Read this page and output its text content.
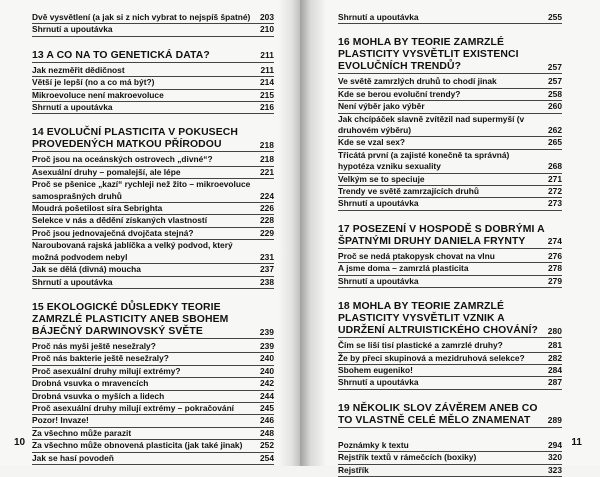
Dvě vysvětlení (a jak si z nich vybrat to nejspíš špatné)	203
Shrnutí a upoutávka	210
13 A CO NA TO GENETICKÁ DATA?	211
Jak nezměřit dědičnost	211
Větší je lepší (no a co má být?)	214
Mikroevoluce není makroevoluce	215
Shrnutí a upoutávka	216
14 EVOLUČNÍ PLASTICITA V POKUSECH PROVEDENÝCH MATKOU PŘÍRODOU	218
Proč jsou na oceánských ostrovech „divné“?	218
Asexuální druhy – pomalejší, ale lépe	221
Proč se pšenice „kazí“ rychleji než žito – mikroevoluce samosprašných druhů	224
Moudrá pošetilost síra Sebrighta	226
Selekce v nás a dědění získaných vlastností	228
Proč jsou jednovaječná dvojčata stejná?	229
Naroubovaná rajská jablíčka a velký podvod, který možná podvodem nebyl	231
Jak se dělá (divná) moucha	237
Shrnutí a upoutávka	238
15 EKOLOGICKÉ DŮSLEDKY TEORIE ZAMRZLÉ PLASTICITY ANEB SBOHEM BÁJEČNÝ DARWINOVSKÝ SVĚTE	239
Proč nás myši ještě nesežraly?	239
Proč nás bakterie ještě nesežraly?	240
Proč asexuální druhy milují extrémy?	240
Drobná vsuvka o mravencích	242
Drobná vsuvka o myších a lidech	244
Proč asexuální druhy milují extrémy – pokračování	245
Pozor! Invaze!	246
Za všechno může parazit	248
Za všechno může obnovená plasticita (jak také jinak)	252
Jak se hasí povodeň	254
10
Shrnutí a upoutávka	255
16 MOHLA BY TEORIE ZAMRZLÉ PLASTICITY VYSVĚTLIT EXISTENCI EVOLUČNÍCH TRENDŮ?	257
Ve světě zamrzlých druhů to chodí jinak	257
Kde se berou evoluční trendy?	258
Není výběr jako výběr	260
Jak chcípáček slavně zvítězil nad supermyší (v druhovém výběru)	262
Kde se vzal sex?	265
Třicátá první (a zajisté konečně ta správná) hypotéza vzniku sexuality	268
Velkým se to speciuje	271
Trendy ve světě zamrzajících druhů	272
Shrnutí a upoutávka	273
17 POSEZENÍ V HOSPODĚ S DOBRÝMI A ŠPATNÝMI DRUHY DANIELA FRYNTY	274
Proč se nedá ptakopysk chovat na vlnu	276
A jsme doma – zamrzlá plasticita	278
Shrnutí a upoutávka	279
18 MOHLA BY TEORIE ZAMRZLÉ PLASTICITY VYSVĚTLIT VZNIK A UDRŽENÍ ALTRUISTICKÉHO CHOVÁNÍ?	280
Čím se liší tisí plastické a zamrzlé druhy?	281
Že by přeci skupinová a mezidruhová selekce?	282
Sbohem eugeniko!	284
Shrnutí a upoutávka	287
19 NĚKOLIK SLOV ZÁVĚREM ANEB CO TO VLASTNĚ CELÉ MĚLO ZNAMENAT	289
Poznámky k textu	294
Rejstřík textů v rámečcích (boxiky)	320
Rejstřík	323
11
